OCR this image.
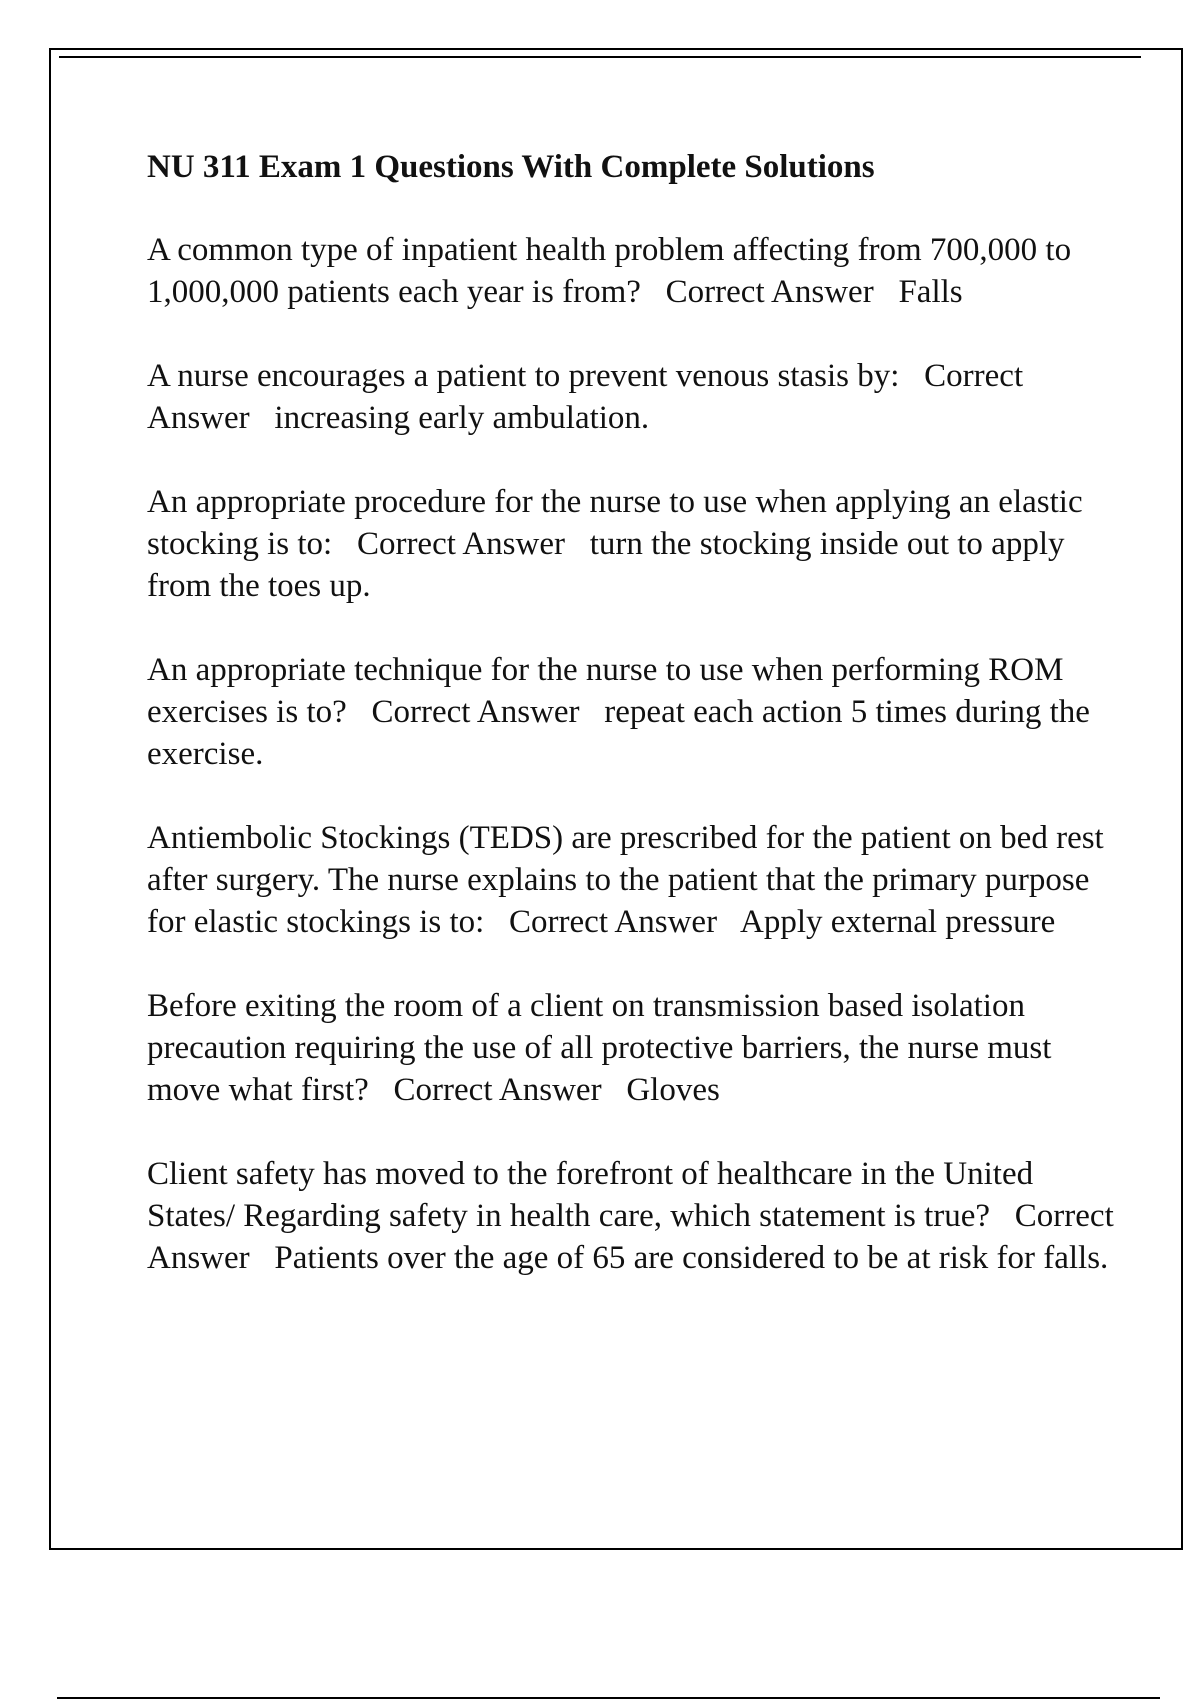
NU 311 Exam 1 Questions With Complete Solutions
A common type of inpatient health problem affecting from 700,000 to 1,000,000 patients each year is from? Correct Answer Falls
A nurse encourages a patient to prevent venous stasis by: Correct Answer increasing early ambulation.
An appropriate procedure for the nurse to use when applying an elastic stocking is to: Correct Answer turn the stocking inside out to apply from the toes up.
An appropriate technique for the nurse to use when performing ROM exercises is to? Correct Answer repeat each action 5 times during the exercise.
Antiembolic Stockings (TEDS) are prescribed for the patient on bed rest after surgery. The nurse explains to the patient that the primary purpose for elastic stockings is to: Correct Answer Apply external pressure
Before exiting the room of a client on transmission based isolation precaution requiring the use of all protective barriers, the nurse must move what first? Correct Answer Gloves
Client safety has moved to the forefront of healthcare in the United States/ Regarding safety in health care, which statement is true? Correct Answer Patients over the age of 65 are considered to be at risk for falls.
